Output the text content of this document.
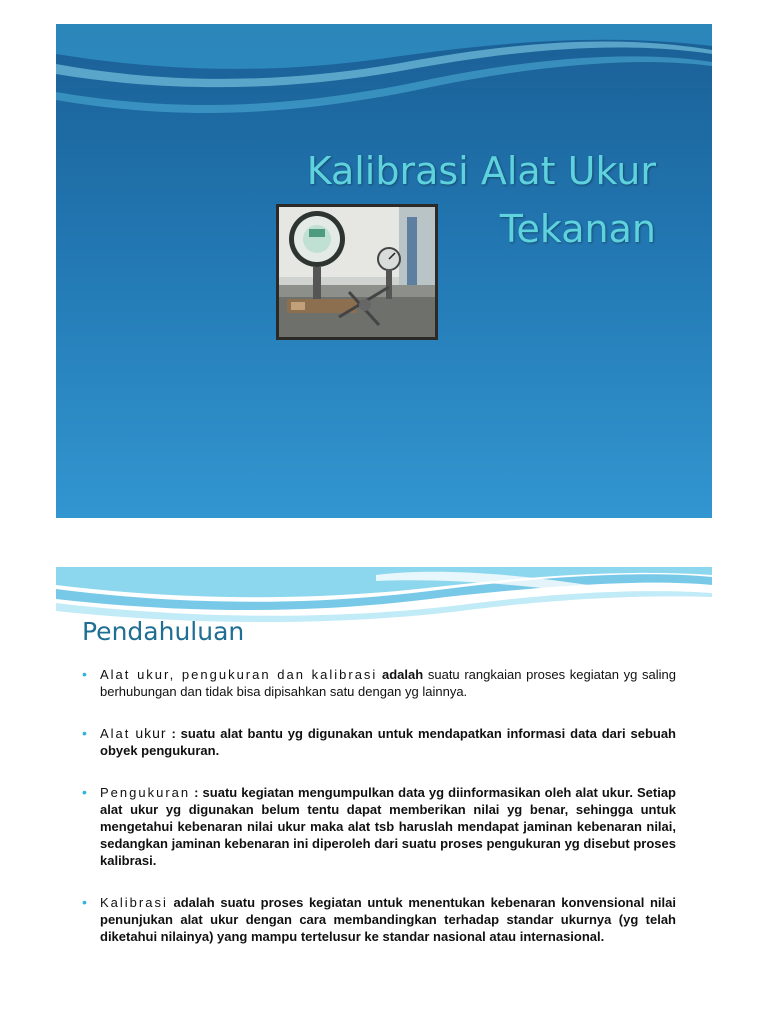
Kalibrasi Alat Ukur
Tekanan
Pendahuluan
• Alat ukur, pengukuran dan kalibrasi adalah suatu rangkaian proses kegiatan yg saling berhubungan dan tidak bisa dipisahkan satu dengan yg lainnya.
• Alat ukur : suatu alat bantu yg digunakan untuk mendapatkan informasi data dari sebuah obyek pengukuran.
• Pengukuran : suatu kegiatan mengumpulkan data yg diinformasikan oleh alat ukur. Setiap alat ukur yg digunakan belum tentu dapat memberikan nilai yg benar, sehingga untuk mengetahui kebenaran nilai ukur maka alat tsb haruslah mendapat jaminan kebenaran nilai, sedangkan jaminan kebenaran ini diperoleh dari suatu proses pengukuran yg disebut proses kalibrasi.
• Kalibrasi adalah suatu proses kegiatan untuk menentukan kebenaran konvensional nilai penunjukan alat ukur dengan cara membandingkan terhadap standar ukurnya (yg telah diketahui nilainya) yang mampu tertelusur ke standar nasional atau internasional.
